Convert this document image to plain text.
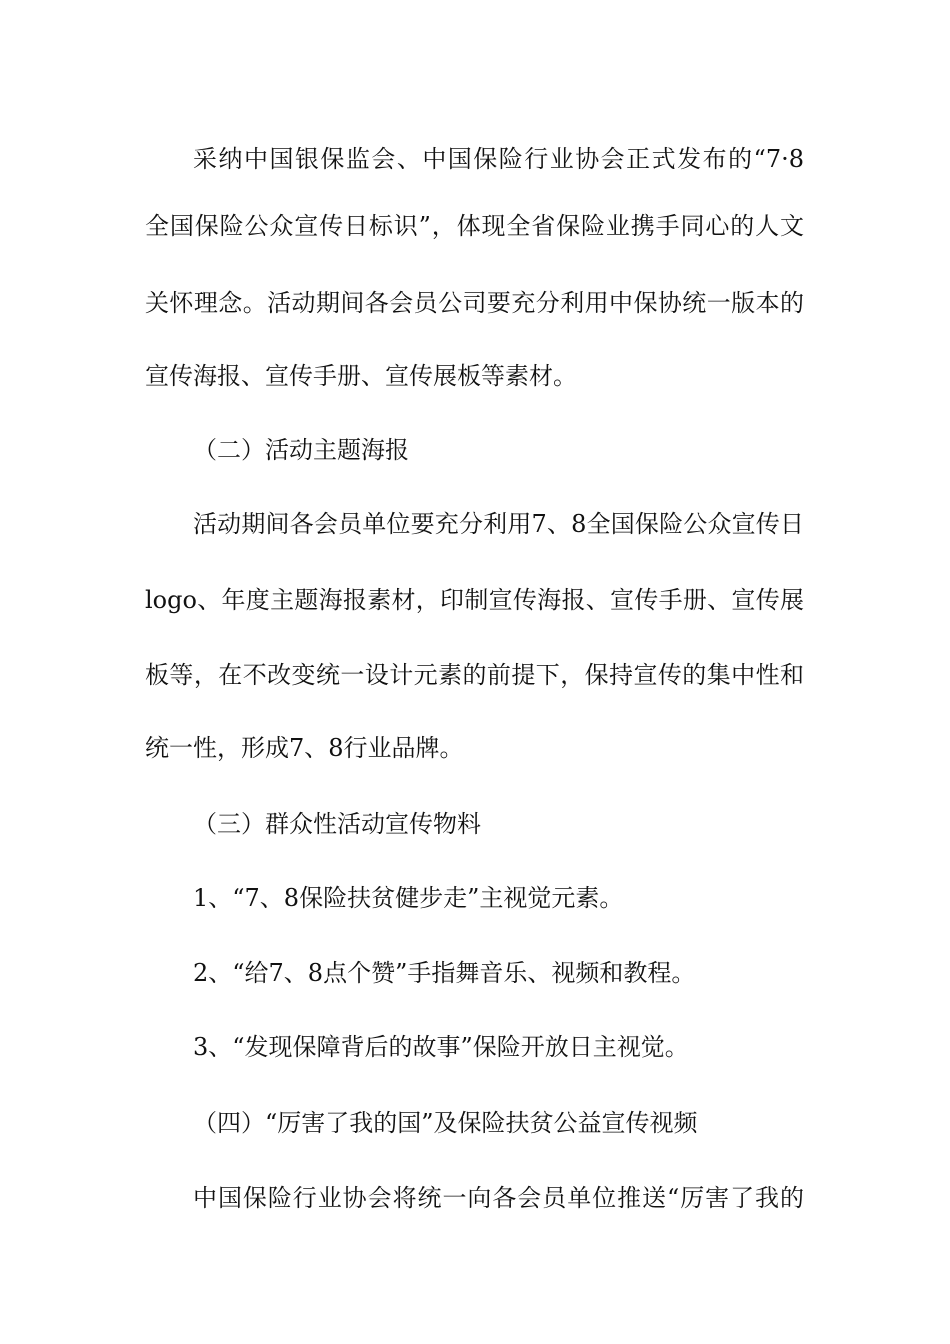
采纳中国银保监会、中国保险行业协会正式发布的“7·8
全国保险公众宣传日标识”，体现全省保险业携手同心的人文
关怀理念。活动期间各会员公司要充分利用中保协统一版本的
宣传海报、宣传手册、宣传展板等素材。
（二）活动主题海报
活动期间各会员单位要充分利用7、8全国保险公众宣传日
logo、年度主题海报素材，印制宣传海报、宣传手册、宣传展
板等，在不改变统一设计元素的前提下，保持宣传的集中性和
统一性，形成7、8行业品牌。
（三）群众性活动宣传物料
1、“7、8保险扶贫健步走”主视觉元素。
2、“给7、8点个赞”手指舞音乐、视频和教程。
3、“发现保障背后的故事”保险开放日主视觉。
（四）“厉害了我的国”及保险扶贫公益宣传视频
中国保险行业协会将统一向各会员单位推送“厉害了我的
